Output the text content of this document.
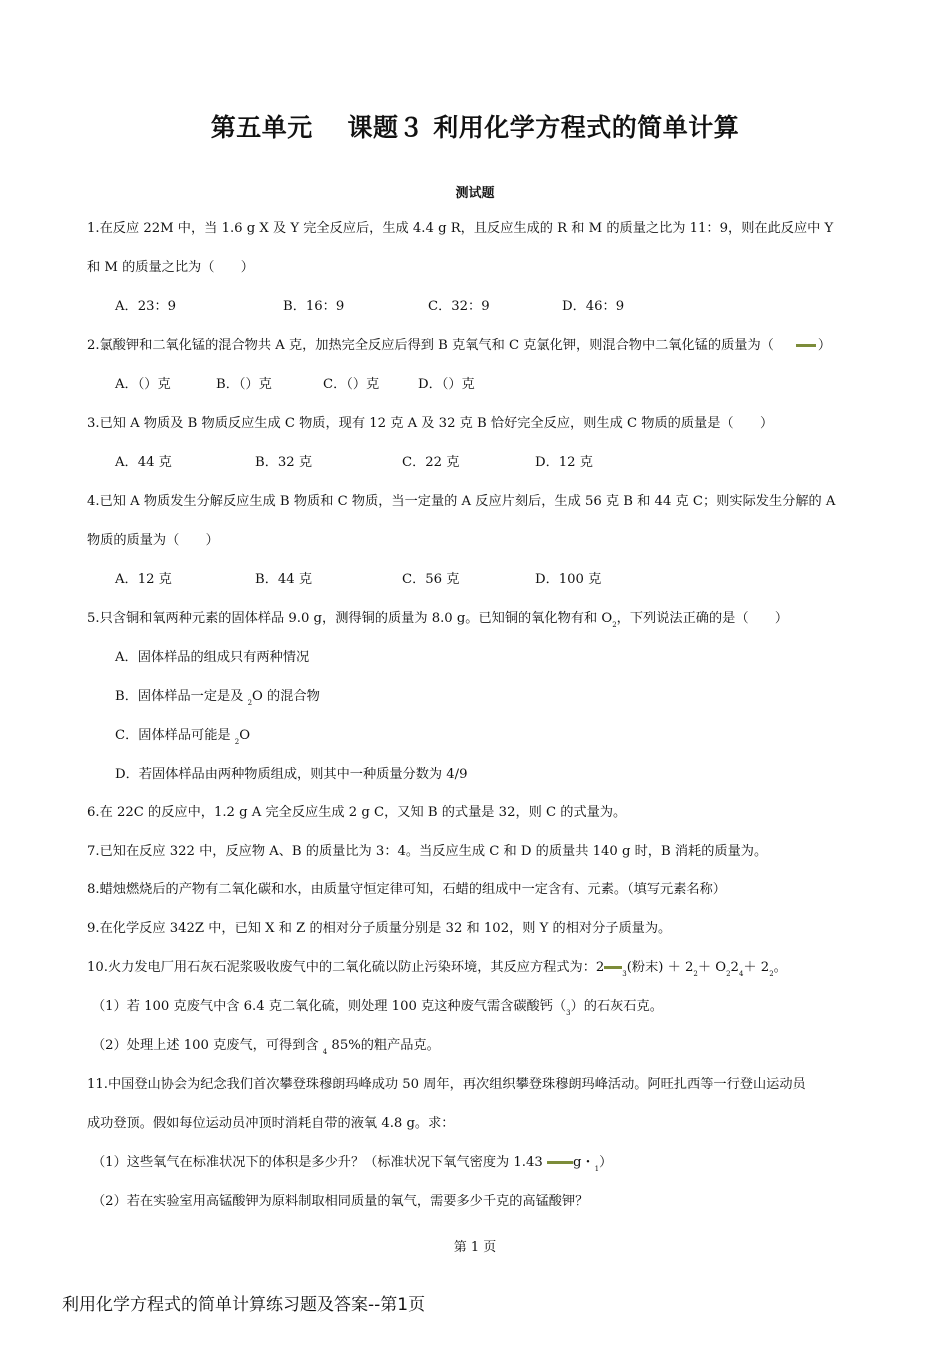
第五单元　 课题３ 利用化学方程式的简单计算
测试题
1.在反应 22M 中，当 1.6 g X 及 Y 完全反应后，生成 4.4 g R，且反应生成的 R 和 M 的质量之比为 11：9，则在此反应中 Y
和 M 的质量之比为（　　）
A．23：9	B．16：9	C．32：9	D．46：9
2.氯酸钾和二氧化锰的混合物共 A 克，加热完全反应后得到 B 克氧气和 C 克氯化钾，则混合物中二氧化锰的质量为（	）
A．（）克	B．（）克	C．（）克	D．（）克
3.已知 A 物质及 B 物质反应生成 C 物质，现有 12 克 A 及 32 克 B 恰好完全反应，则生成 C 物质的质量是（　　）
A．44 克	B．32 克	C．22 克	D．12 克
4.已知 A 物质发生分解反应生成 B 物质和 C 物质，当一定量的 A 反应片刻后，生成 56 克 B 和 44 克 C；则实际发生分解的 A
物质的质量为（　　）
A．12 克	B．44 克	C．56 克	D．100 克
5.只含铜和氧两种元素的固体样品 9.0 g，测得铜的质量为 8.0 g。已知铜的氧化物有和 $O_2$，下列说法正确的是（　　）
A．固体样品的组成只有两种情况
B．固体样品一定是及 $_2$O 的混合物
C．固体样品可能是 $_2$O
D．若固体样品由两种物质组成，则其中一种质量分数为 4/9
6.在 22C 的反应中，1.2 g A 完全反应生成 2 g C，又知 B 的式量是 32，则 C 的式量为。
7.已知在反应 322 中，反应物 A、B 的质量比为 3：4。当反应生成 C 和 D 的质量共 140 g 时，B 消耗的质量为。
8.蜡烛燃烧后的产物有二氧化碳和水，由质量守恒定律可知，石蜡的组成中一定含有、元素。（填写元素名称）
9.在化学反应 342Z 中，已知 X 和 Z 的相对分子质量分别是 32 和 102，则 Y 的相对分子质量为。
10.火力发电厂用石灰石泥浆吸收废气中的二氧化硫以防止污染环境，其反应方程式为：2	$_3$(粉末) ＋ $2_2+ O_22_4+ 2_2$。
（1）若 100 克废气中含 6.4 克二氧化硫，则处理 100 克这种废气需含碳酸钙$(_3)$的石灰石克。
（2）处理上述 100 克废气，可得到含 $_4$ 85%的粗产品克。
11.中国登山协会为纪念我们首次攀登珠穆朗玛峰成功 50 周年，再次组织攀登珠穆朗玛峰活动。阿旺扎西等一行登山运动员
成功登顶。假如每位运动员冲顶时消耗自带的液氧 4.8 g。求：
（1）这些氧气在标准状况下的体积是多少升？（标准状况下氧气密度为 1.43 g・$_1$）
（2）若在实验室用高锰酸钾为原料制取相同质量的氧气，需要多少千克的高锰酸钾？
第 1 页
利用化学方程式的简单计算练习题及答案--第1页
